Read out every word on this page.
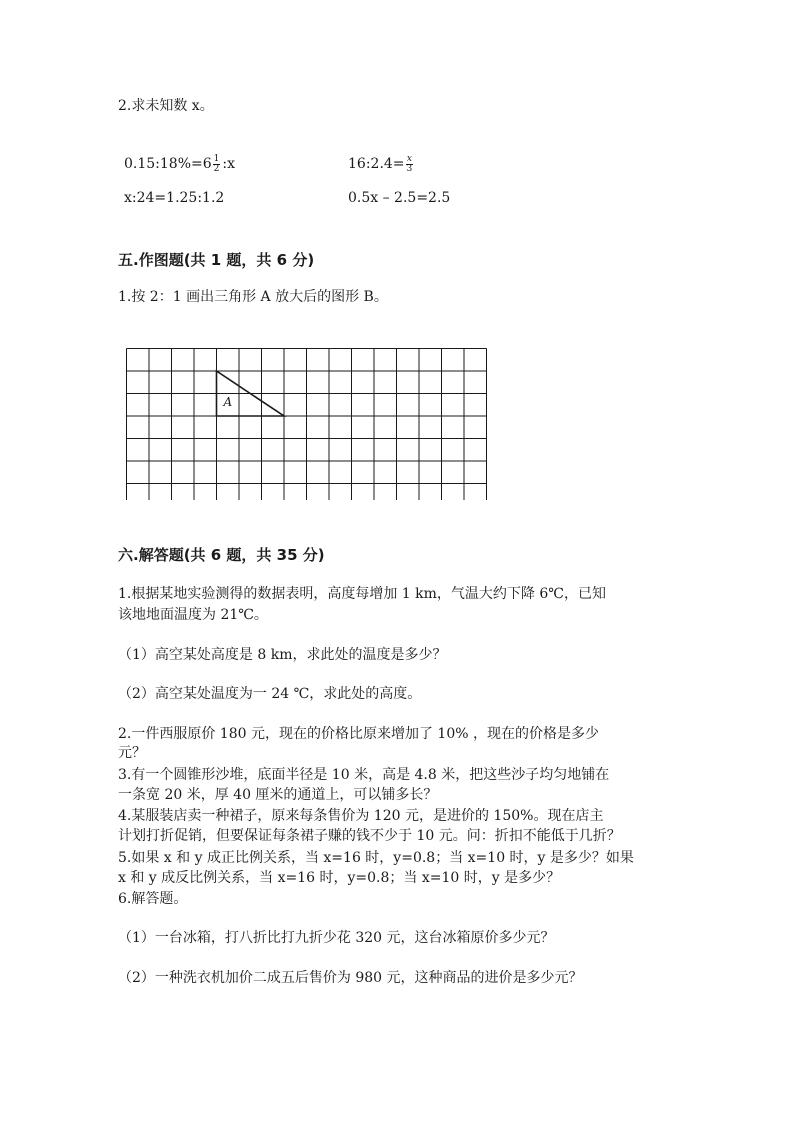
2.求未知数 x。
0.15:18%=6 $\frac{1}{2}$ :x	16:2.4= $\frac{x}{3}$
x:24=1.25:1.2	0.5x – 2.5=2.5
五.作图题(共 1 题，共 6 分)
1.按 2：1 画出三角形 A 放大后的图形 B。
A
六.解答题(共 6 题，共 35 分)
1.根据某地实验测得的数据表明，高度每增加 1 km，气温大约下降 6℃，已知
该地地面温度为 21℃。
（1）高空某处高度是 8 km，求此处的温度是多少？
（2）高空某处温度为一 24 ℃，求此处的高度。
2.一件西服原价 180 元，现在的价格比原来增加了 10% ，现在的价格是多少
元？
3.有一个圆锥形沙堆，底面半径是 10 米，高是 4.8 米，把这些沙子均匀地铺在
一条宽 20 米，厚 40 厘米的通道上，可以铺多长？
4.某服装店卖一种裙子，原来每条售价为 120 元，是进价的 150%。现在店主
计划打折促销，但要保证每条裙子赚的钱不少于 10 元。问：折扣不能低于几折？
5.如果 x 和 y 成正比例关系，当 x=16 时，y=0.8；当 x=10 时，y 是多少？如果
x 和 y 成反比例关系，当 x=16 时，y=0.8；当 x=10 时，y 是多少？
6.解答题。
（1）一台冰箱，打八折比打九折少花 320 元，这台冰箱原价多少元？
（2）一种洗衣机加价二成五后售价为 980 元，这种商品的进价是多少元？
